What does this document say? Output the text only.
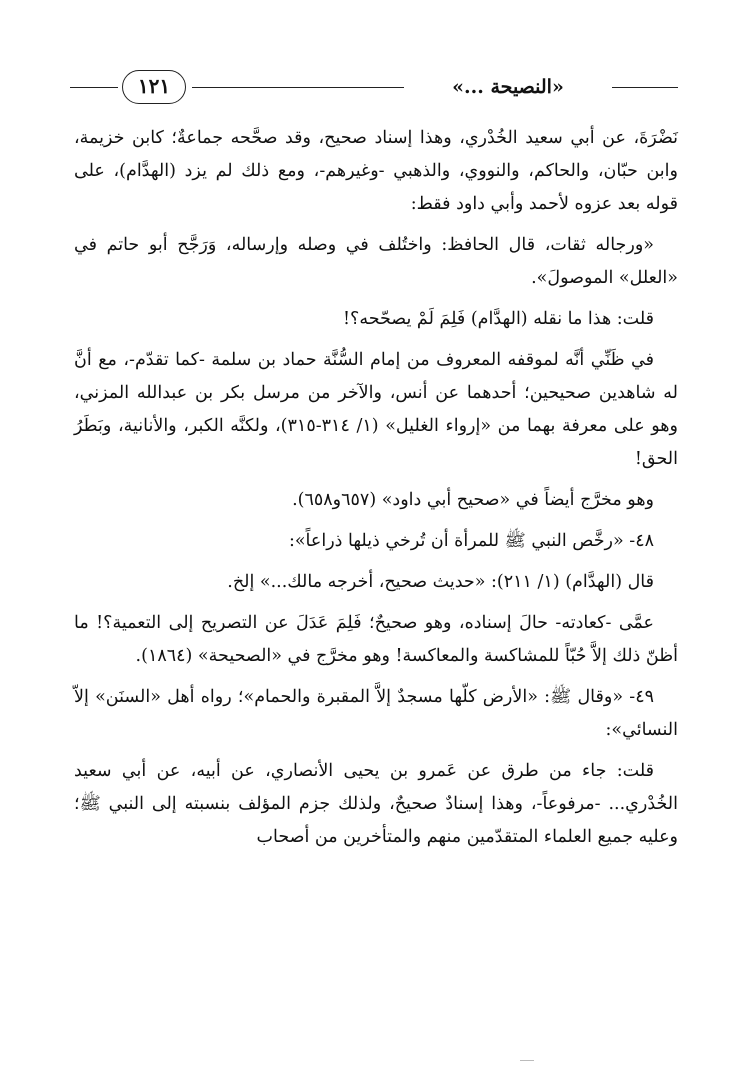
١٢١	«النصيحة ...»

نَضْرَةَ، عن أبي سعيد الخُدْري، وهذا إسناد صحيح، وقد صحَّحه جماعةٌ؛ كابن خزيمة، وابن حبّان، والحاكم، والنووي، والذهبي -وغيرهم-، ومع ذلك لم يزد (الهدَّام)، على قوله بعد عزوه لأحمد وأبي داود فقط:

«ورجاله ثقات، قال الحافظ: واختُلف في وصله وإرساله، وَرَجَّح أبو حاتم في «العلل» الموصولَ».

قلت: هذا ما نقله (الهدَّام) فَلِمَ لَمْ يصحّحه؟!

في ظَنِّي أنَّه لموقفه المعروف من إمام السُّنَّة حماد بن سلمة -كما تقدّم-، مع أنَّ له شاهدين صحيحين؛ أحدهما عن أنس، والآخر من مرسل بكر بن عبدالله المزني، وهو على معرفة بهما من «إرواء الغليل» (١/ ٣١٤-٣١٥)، ولكنَّه الكبر، والأنانية، وبَطَرُ الحق!

وهو مخرَّج أيضاً في «صحيح أبي داود» (٦٥٧و٦٥٨).

٤٨- «رخَّص النبي ﷺ للمرأة أن تُرخي ذيلها ذراعاً»:

قال (الهدَّام) (١/ ٢١١): «حديث صحيح، أخرجه مالك...» إلخ.

عمَّى -كعادته- حالَ إسناده، وهو صحيحٌ؛ فَلِمَ عَدَلَ عن التصريح إلى التعمية؟! ما أظنّ ذلك إلاَّ حُبّاً للمشاكسة والمعاكسة! وهو مخرَّج في «الصحيحة» (١٨٦٤).

٤٩- «وقال ﷺ: «الأرض كلّها مسجدٌ إلاَّ المقبرة والحمام»؛ رواه أهل «السنَن» إلاّ النسائي»:

قلت: جاء من طرق عن عَمرو بن يحيى الأنصاري، عن أبيه، عن أبي سعيد الخُدْري... -مرفوعاً-، وهذا إسنادٌ صحيحٌ، ولذلك جزم المؤلف بنسبته إلى النبي ﷺ؛ وعليه جميع العلماء المتقدّمين منهم والمتأخرين من أصحاب
